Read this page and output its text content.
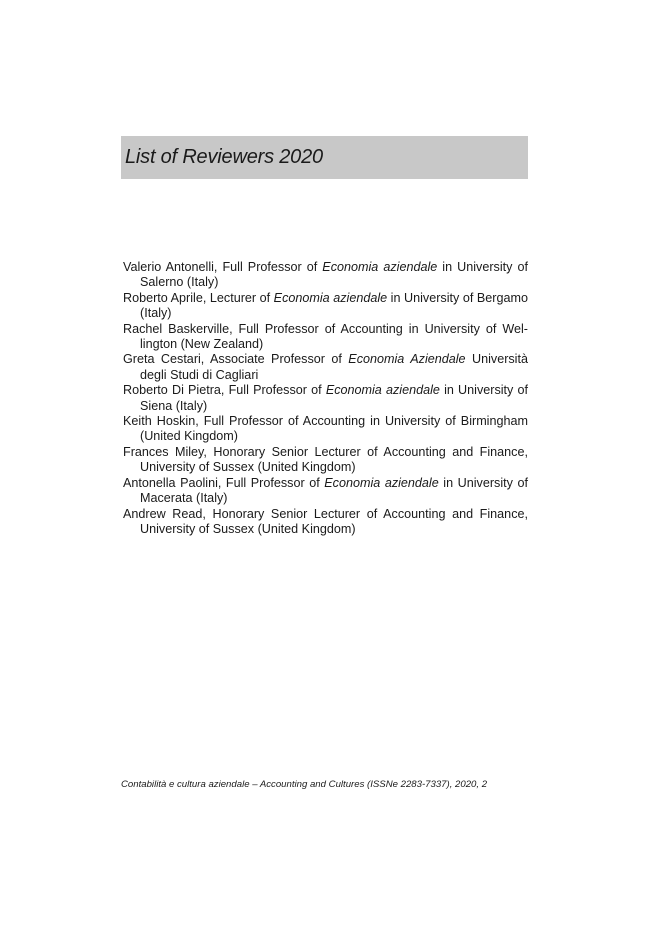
List of Reviewers 2020
Valerio Antonelli, Full Professor of Economia aziendale in University of Salerno (Italy)
Roberto Aprile, Lecturer of Economia aziendale in University of Bergamo (Italy)
Rachel Baskerville, Full Professor of Accounting in University of Wellington (New Zealand)
Greta Cestari, Associate Professor of Economia Aziendale Università degli Studi di Cagliari
Roberto Di Pietra, Full Professor of Economia aziendale in University of Siena (Italy)
Keith Hoskin, Full Professor of Accounting in University of Birmingham (United Kingdom)
Frances Miley, Honorary Senior Lecturer of Accounting and Finance, University of Sussex (United Kingdom)
Antonella Paolini, Full Professor of Economia aziendale in University of Macerata (Italy)
Andrew Read, Honorary Senior Lecturer of Accounting and Finance, University of Sussex (United Kingdom)
Contabilità e cultura aziendale – Accounting and Cultures (ISSNe 2283-7337), 2020, 2
